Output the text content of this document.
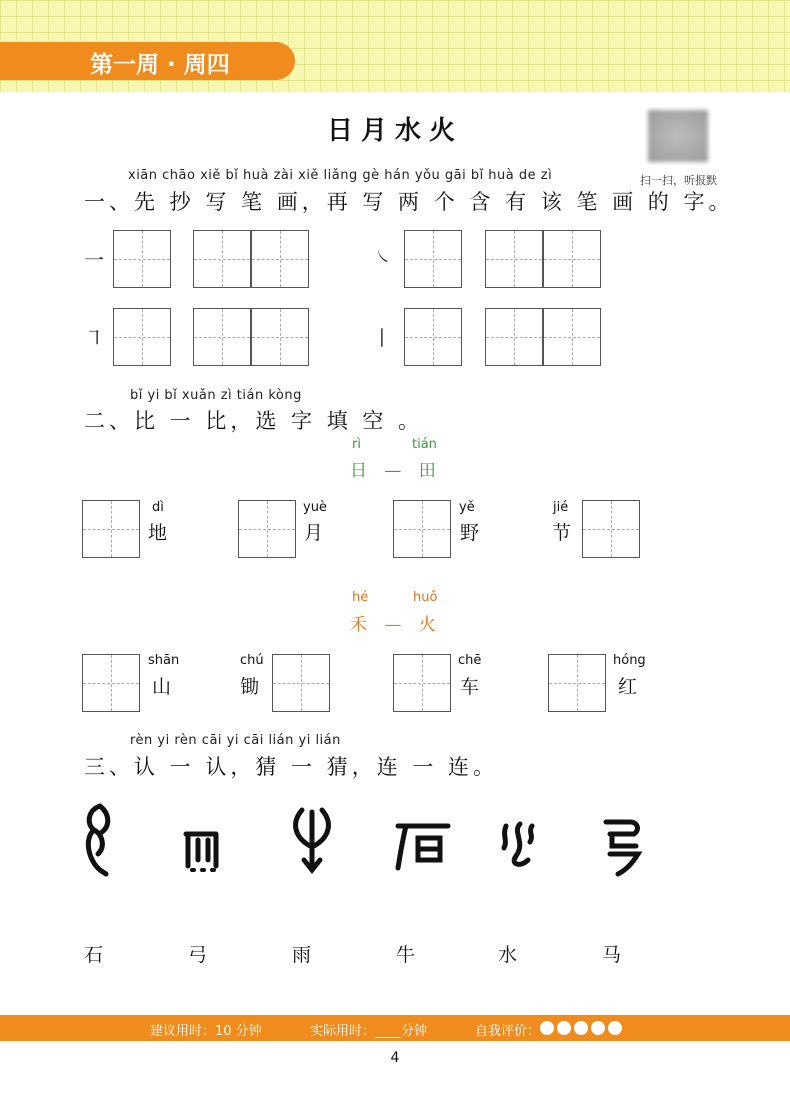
第一周 · 周四
日月水火
扫一扫，听报默
xiān chāo xiě bǐ huà zài xiě liǎng gè hán yǒu gāi bǐ huà de zì
一、先 抄 写 笔 画，再 写 两 个 含 有 该 笔 画 的 字。
一	㇏
㇕	丨
bǐ yi bǐ xuǎn zì tián kòng
二、比 一 比，选 字 填 空 。
rì	tián
日 — 田
dì
地
yuè
月
yě
野
jié
节
hé	huǒ
禾 — 火
shān
山
chú
锄
chē
车
hóng
红
rèn yi rèn cāi yi cāi lián yi lián
三、认 一 认，猜 一 猜，连 一 连。
石	弓	雨	牛	水	马
建议用时：10 分钟	实际用时：____分钟	自我评价：
4
